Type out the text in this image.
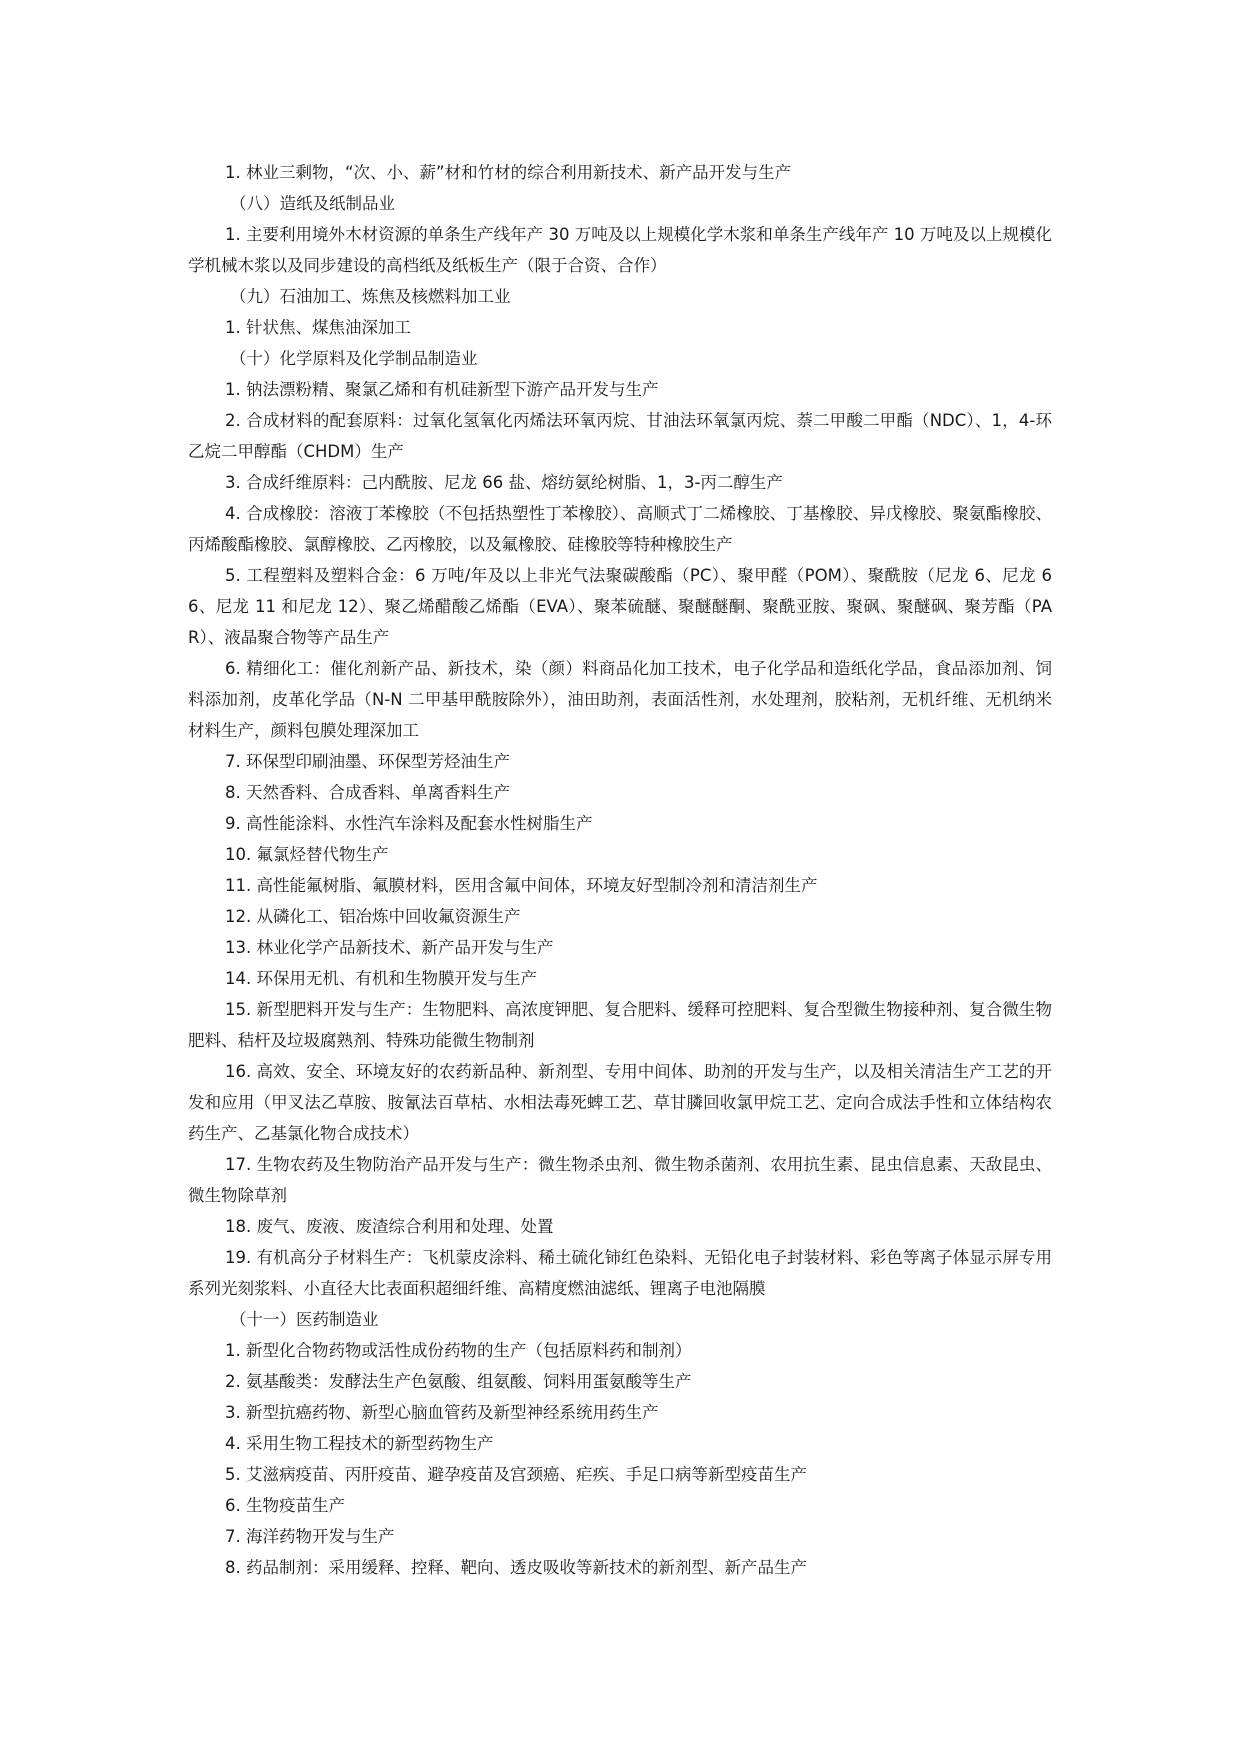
1. 林业三剩物，“次、小、薪”材和竹材的综合利用新技术、新产品开发与生产

（八）造纸及纸制品业

1. 主要利用境外木材资源的单条生产线年产 30 万吨及以上规模化学木浆和单条生产线年产 10 万吨及以上规模化学机械木浆以及同步建设的高档纸及纸板生产（限于合资、合作）

（九）石油加工、炼焦及核燃料加工业

1. 针状焦、煤焦油深加工

（十）化学原料及化学制品制造业

1. 钠法漂粉精、聚氯乙烯和有机硅新型下游产品开发与生产

2. 合成材料的配套原料：过氧化氢氧化丙烯法环氧丙烷、甘油法环氧氯丙烷、萘二甲酸二甲酯（NDC）、1，4-环乙烷二甲醇酯（CHDM）生产

3. 合成纤维原料：己内酰胺、尼龙 66 盐、熔纺氨纶树脂、1，3-丙二醇生产

4. 合成橡胶：溶液丁苯橡胶（不包括热塑性丁苯橡胶）、高顺式丁二烯橡胶、丁基橡胶、异戊橡胶、聚氨酯橡胶、丙烯酸酯橡胶、氯醇橡胶、乙丙橡胶，以及氟橡胶、硅橡胶等特种橡胶生产

5. 工程塑料及塑料合金：6 万吨/年及以上非光气法聚碳酸酯（PC）、聚甲醛（POM）、聚酰胺（尼龙 6、尼龙 66、尼龙 11 和尼龙 12）、聚乙烯醋酸乙烯酯（EVA）、聚苯硫醚、聚醚醚酮、聚酰亚胺、聚砜、聚醚砜、聚芳酯（PAR）、液晶聚合物等产品生产

6. 精细化工：催化剂新产品、新技术，染（颜）料商品化加工技术，电子化学品和造纸化学品，食品添加剂、饲料添加剂，皮革化学品（N-N 二甲基甲酰胺除外），油田助剂，表面活性剂，水处理剂，胶粘剂，无机纤维、无机纳米材料生产，颜料包膜处理深加工

7. 环保型印刷油墨、环保型芳烃油生产

8. 天然香料、合成香料、单离香料生产

9. 高性能涂料、水性汽车涂料及配套水性树脂生产

10. 氟氯烃替代物生产

11. 高性能氟树脂、氟膜材料，医用含氟中间体，环境友好型制冷剂和清洁剂生产

12. 从磷化工、铝冶炼中回收氟资源生产

13. 林业化学产品新技术、新产品开发与生产

14. 环保用无机、有机和生物膜开发与生产

15. 新型肥料开发与生产：生物肥料、高浓度钾肥、复合肥料、缓释可控肥料、复合型微生物接种剂、复合微生物肥料、秸杆及垃圾腐熟剂、特殊功能微生物制剂

16. 高效、安全、环境友好的农药新品种、新剂型、专用中间体、助剂的开发与生产，以及相关清洁生产工艺的开发和应用（甲叉法乙草胺、胺氰法百草枯、水相法毒死蜱工艺、草甘膦回收氯甲烷工艺、定向合成法手性和立体结构农药生产、乙基氯化物合成技术）

17. 生物农药及生物防治产品开发与生产：微生物杀虫剂、微生物杀菌剂、农用抗生素、昆虫信息素、天敌昆虫、微生物除草剂

18. 废气、废液、废渣综合利用和处理、处置

19. 有机高分子材料生产：飞机蒙皮涂料、稀土硫化铈红色染料、无铅化电子封装材料、彩色等离子体显示屏专用系列光刻浆料、小直径大比表面积超细纤维、高精度燃油滤纸、锂离子电池隔膜

（十一）医药制造业

1. 新型化合物药物或活性成份药物的生产（包括原料药和制剂）

2. 氨基酸类：发酵法生产色氨酸、组氨酸、饲料用蛋氨酸等生产

3. 新型抗癌药物、新型心脑血管药及新型神经系统用药生产

4. 采用生物工程技术的新型药物生产

5. 艾滋病疫苗、丙肝疫苗、避孕疫苗及宫颈癌、疟疾、手足口病等新型疫苗生产

6. 生物疫苗生产

7. 海洋药物开发与生产

8. 药品制剂：采用缓释、控释、靶向、透皮吸收等新技术的新剂型、新产品生产
